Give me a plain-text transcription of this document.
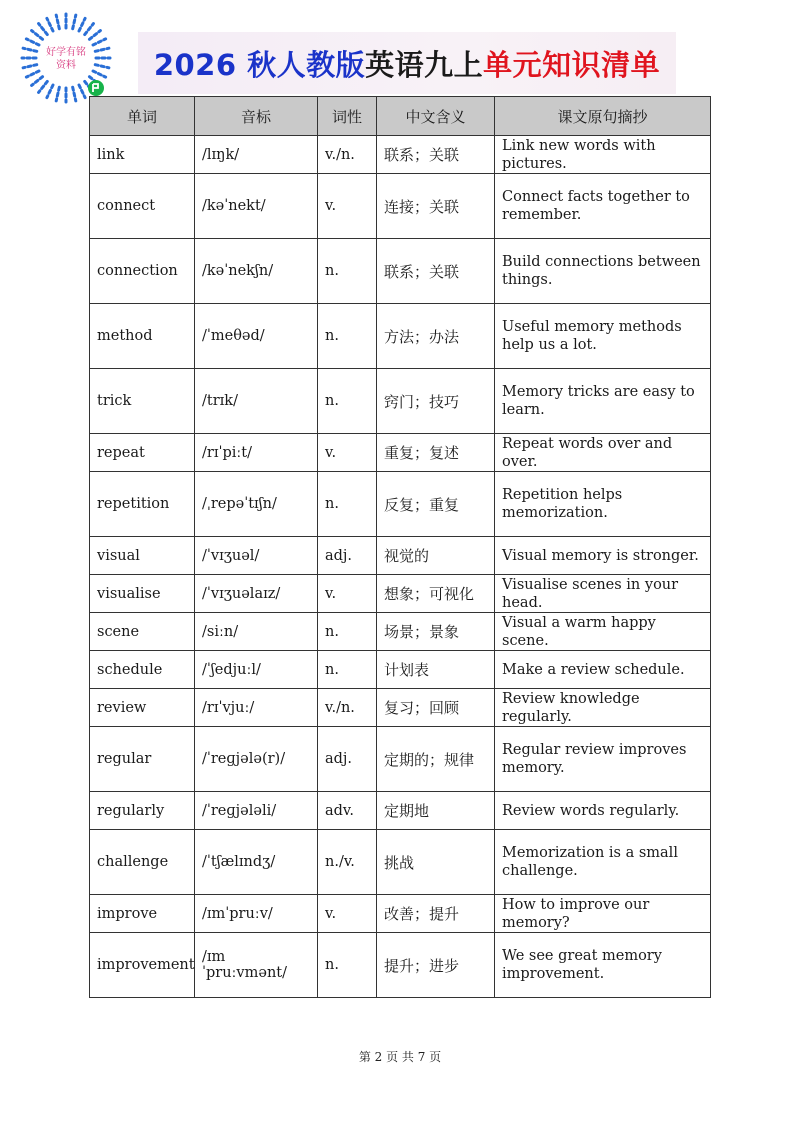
好学有铭
资料	2026 秋人教版英语九上单元知识清单
单词	音标	词性	中文含义	课文原句摘抄
link	/lɪŋk/	v./n.	联系；关联	Link new words with pictures.
connect	/kəˈnekt/	v.	连接；关联	Connect facts together to remember.
connection	/kəˈnekʃn/	n.	联系；关联	Build connections between things.
method	/ˈmeθəd/	n.	方法；办法	Useful memory methods help us a lot.
trick	/trɪk/	n.	窍门；技巧	Memory tricks are easy to learn.
repeat	/rɪˈpiːt/	v.	重复；复述	Repeat words over and over.
repetition	/ˌrepəˈtɪʃn/	n.	反复；重复	Repetition helps memorization.
visual	/ˈvɪʒuəl/	adj.	视觉的	Visual memory is stronger.
visualise	/ˈvɪʒuəlaɪz/	v.	想象；可视化	Visualise scenes in your head.
scene	/siːn/	n.	场景；景象	Visual a warm happy scene.
schedule	/ˈʃedjuːl/	n.	计划表	Make a review schedule.
review	/rɪˈvjuː/	v./n.	复习；回顾	Review knowledge regularly.
regular	/ˈreɡjələ(r)/	adj.	定期的；规律	Regular review improves memory.
regularly	/ˈreɡjələli/	adv.	定期地	Review words regularly.
challenge	/ˈtʃælɪndʒ/	n./v.	挑战	Memorization is a small challenge.
improve	/ɪmˈpruːv/	v.	改善；提升	How to improve our memory?
improvement	/ɪmˈpruːvmənt/	n.	提升；进步	We see great memory improvement.
第 2 页 共 7 页
